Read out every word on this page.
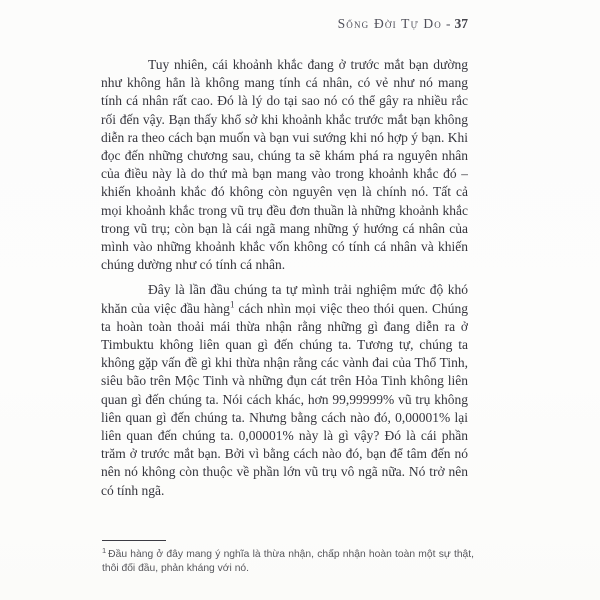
Sống Đời Tự Do - 37

Tuy nhiên, cái khoảnh khắc đang ở trước mắt bạn dường như không hẳn là không mang tính cá nhân, có vẻ như nó mang tính cá nhân rất cao. Đó là lý do tại sao nó có thể gây ra nhiều rắc rối đến vậy. Bạn thấy khổ sở khi khoảnh khắc trước mắt bạn không diễn ra theo cách bạn muốn và bạn vui sướng khi nó hợp ý bạn. Khi đọc đến những chương sau, chúng ta sẽ khám phá ra nguyên nhân của điều này là do thứ mà bạn mang vào trong khoảnh khắc đó – khiến khoảnh khắc đó không còn nguyên vẹn là chính nó. Tất cả mọi khoảnh khắc trong vũ trụ đều đơn thuần là những khoảnh khắc trong vũ trụ; còn bạn là cái ngã mang những ý hướng cá nhân của mình vào những khoảnh khắc vốn không có tính cá nhân và khiến chúng dường như có tính cá nhân.

Đây là lần đầu chúng ta tự mình trải nghiệm mức độ khó khăn của việc đầu hàng$^1$ cách nhìn mọi việc theo thói quen. Chúng ta hoàn toàn thoải mái thừa nhận rằng những gì đang diễn ra ở Timbuktu không liên quan gì đến chúng ta. Tương tự, chúng ta không gặp vấn đề gì khi thừa nhận rằng các vành đai của Thổ Tinh, siêu bão trên Mộc Tinh và những đụn cát trên Hỏa Tinh không liên quan gì đến chúng ta. Nói cách khác, hơn 99,99999% vũ trụ không liên quan gì đến chúng ta. Nhưng bằng cách nào đó, 0,00001% lại liên quan đến chúng ta. 0,00001% này là gì vậy? Đó là cái phần trăm ở trước mắt bạn. Bởi vì bằng cách nào đó, bạn để tâm đến nó nên nó không còn thuộc về phần lớn vũ trụ vô ngã nữa. Nó trở nên có tính ngã.

$^1$ Đầu hàng ở đây mang ý nghĩa là thừa nhận, chấp nhận hoàn toàn một sự thật, thôi đối đầu, phản kháng với nó.
